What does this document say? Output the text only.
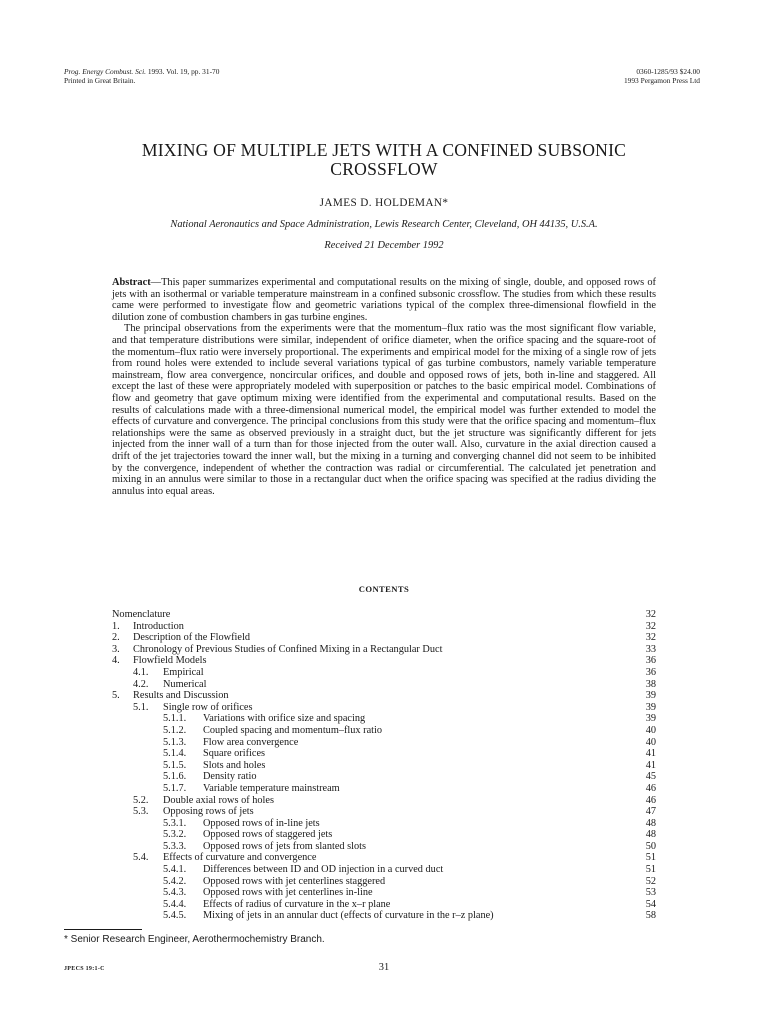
Prog. Energy Combust. Sci. 1993. Vol. 19, pp. 31-70
Printed in Great Britain.
0360-1285/93 $24.00
1993 Pergamon Press Ltd
MIXING OF MULTIPLE JETS WITH A CONFINED SUBSONIC
CROSSFLOW
JAMES D. HOLDEMAN*
National Aeronautics and Space Administration, Lewis Research Center, Cleveland, OH 44135, U.S.A.
Received 21 December 1992

Abstract—This paper summarizes experimental and computational results on the mixing of single, double, and opposed rows of jets with an isothermal or variable temperature mainstream in a confined subsonic crossflow. The studies from which these results came were performed to investigate flow and geometric variations typical of the complex three-dimensional flowfield in the dilution zone of combustion chambers in gas turbine engines.

The principal observations from the experiments were that the momentum–flux ratio was the most significant flow variable, and that temperature distributions were similar, independent of orifice diameter, when the orifice spacing and the square-root of the momentum–flux ratio were inversely proportional. The experiments and empirical model for the mixing of a single row of jets from round holes were extended to include several variations typical of gas turbine combustors, namely variable temperature mainstream, flow area convergence, noncircular orifices, and double and opposed rows of jets, both in-line and staggered. All except the last of these were appropriately modeled with superposition or patches to the basic empirical model. Combinations of flow and geometry that gave optimum mixing were identified from the experimental and computational results. Based on the results of calculations made with a three-dimensional numerical model, the empirical model was further extended to model the effects of curvature and convergence. The principal conclusions from this study were that the orifice spacing and momentum–flux relationships were the same as observed previously in a straight duct, but the jet structure was significantly different for jets injected from the inner wall of a turn than for those injected from the outer wall. Also, curvature in the axial direction caused a drift of the jet trajectories toward the inner wall, but the mixing in a turning and converging channel did not seem to be inhibited by the convergence, independent of whether the contraction was radial or circumferential. The calculated jet penetration and mixing in an annulus were similar to those in a rectangular duct when the orifice spacing was specified at the radius dividing the annulus into equal areas.

CONTENTS
Nomenclature	32
1. Introduction	32
2. Description of the Flowfield	32
3. Chronology of Previous Studies of Confined Mixing in a Rectangular Duct	33
4. Flowfield Models	36
4.1. Empirical	36
4.2. Numerical	38
5. Results and Discussion	39
5.1. Single row of orifices	39
5.1.1. Variations with orifice size and spacing	39
5.1.2. Coupled spacing and momentum–flux ratio	40
5.1.3. Flow area convergence	40
5.1.4. Square orifices	41
5.1.5. Slots and holes	41
5.1.6. Density ratio	45
5.1.7. Variable temperature mainstream	46
5.2. Double axial rows of holes	46
5.3. Opposing rows of jets	47
5.3.1. Opposed rows of in-line jets	48
5.3.2. Opposed rows of staggered jets	48
5.3.3. Opposed rows of jets from slanted slots	50
5.4. Effects of curvature and convergence	51
5.4.1. Differences between ID and OD injection in a curved duct	51
5.4.2. Opposed rows with jet centerlines staggered	52
5.4.3. Opposed rows with jet centerlines in-line	53
5.4.4. Effects of radius of curvature in the x–r plane	54
5.4.5. Mixing of jets in an annular duct (effects of curvature in the r–z plane)	58
* Senior Research Engineer, Aerothermochemistry Branch.
JPECS 19:1-C	31
